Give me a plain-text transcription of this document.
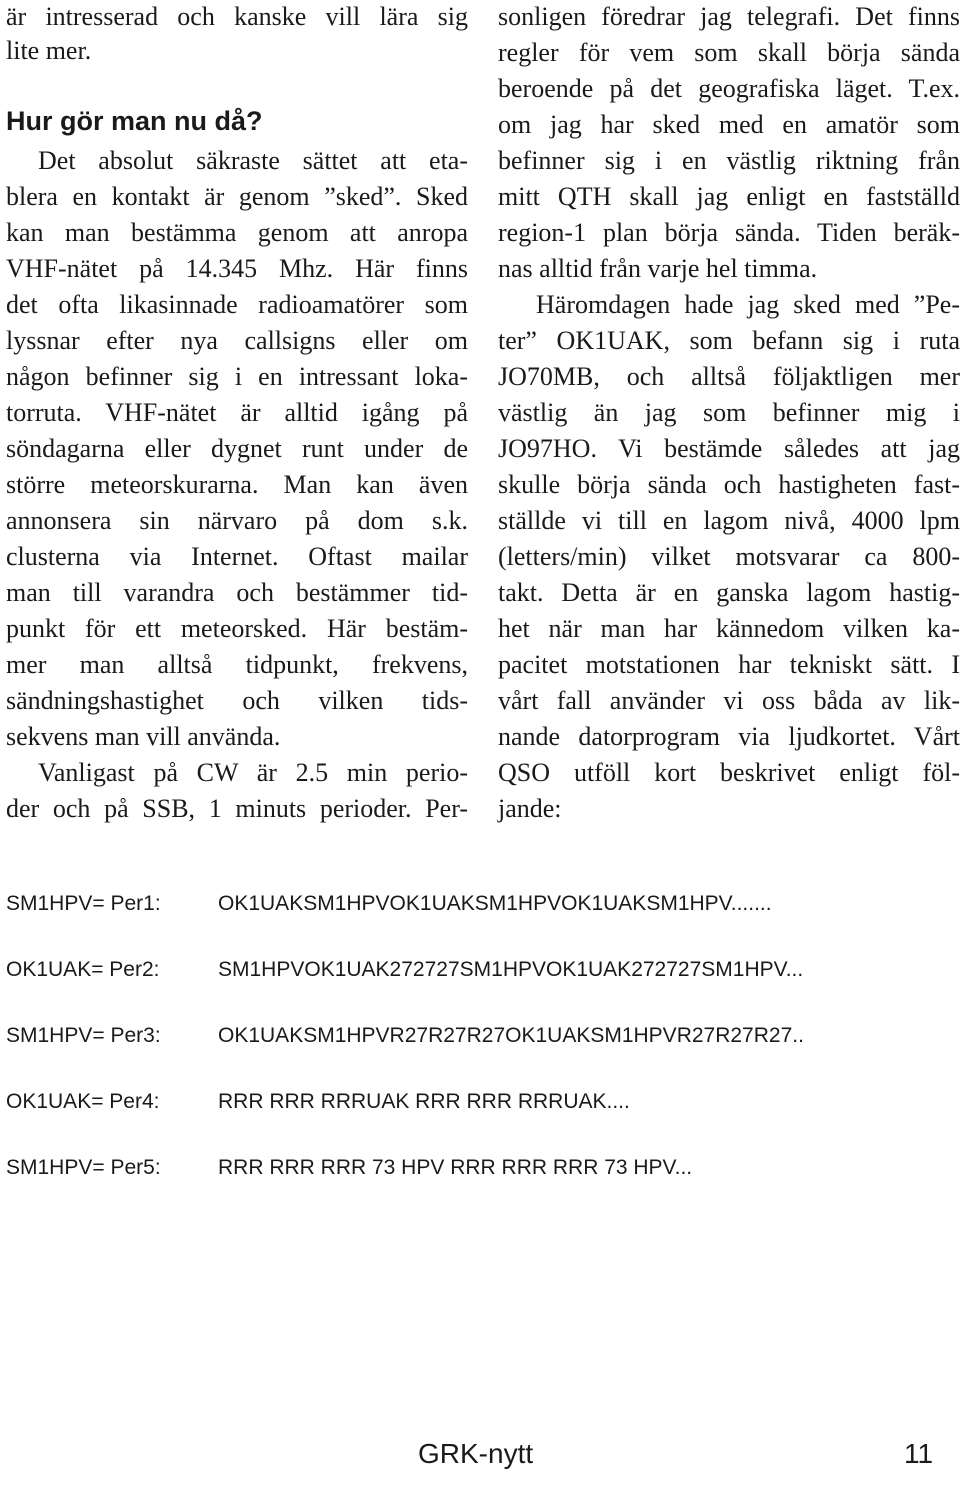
är intresserad och kanske vill lära sig
lite mer.
Hur gör man nu då?
Det absolut säkraste sättet att eta-
blera en kontakt är genom ”sked”. Sked
kan man bestämma genom att anropa
VHF-nätet på 14.345 Mhz. Här finns
det ofta likasinnade radioamatörer som
lyssnar efter nya callsigns eller om
någon befinner sig i en intressant loka-
torruta. VHF-nätet är alltid igång på
söndagarna eller dygnet runt under de
större meteorskurarna. Man kan även
annonsera sin närvaro på dom s.k.
clusterna via Internet. Oftast mailar
man till varandra och bestämmer tid-
punkt för ett meteorsked. Här bestäm-
mer man alltså tidpunkt, frekvens,
sändningshastighet och vilken tids-
sekvens man vill använda.
Vanligast på CW är 2.5 min perio-
der och på SSB, 1 minuts perioder. Per-
sonligen föredrar jag telegrafi. Det finns
regler för vem som skall börja sända
beroende på det geografiska läget. T.ex.
om jag har sked med en amatör som
befinner sig i en västlig riktning från
mitt QTH skall jag enligt en fastställd
region-1 plan börja sända. Tiden beräk-
nas alltid från varje hel timma.
Häromdagen hade jag sked med ”Pe-
ter” OK1UAK, som befann sig i ruta
JO70MB, och alltså följaktligen mer
västlig än jag som befinner mig i
JO97HO. Vi bestämde således att jag
skulle börja sända och hastigheten fast-
ställde vi till en lagom nivå, 4000 lpm
(letters/min) vilket motsvarar ca 800-
takt. Detta är en ganska lagom hastig-
het när man har kännedom vilken ka-
pacitet motstationen har tekniskt sätt. I
vårt fall använder vi oss båda av lik-
nande datorprogram via ljudkortet. Vårt
QSO utföll kort beskrivet enligt föl-
jande:
SM1HPV= Per1:	OK1UAKSM1HPVOK1UAKSM1HPVOK1UAKSM1HPV.......
OK1UAK= Per2:	SM1HPVOK1UAK272727SM1HPVOK1UAK272727SM1HPV...
SM1HPV= Per3:	OK1UAKSM1HPVR27R27R27OK1UAKSM1HPVR27R27R27..
OK1UAK= Per4:	RRR RRR RRRUAK RRR RRR RRRUAK....
SM1HPV= Per5:	RRR RRR RRR 73 HPV RRR RRR RRR 73 HPV...
GRK-nytt	11
